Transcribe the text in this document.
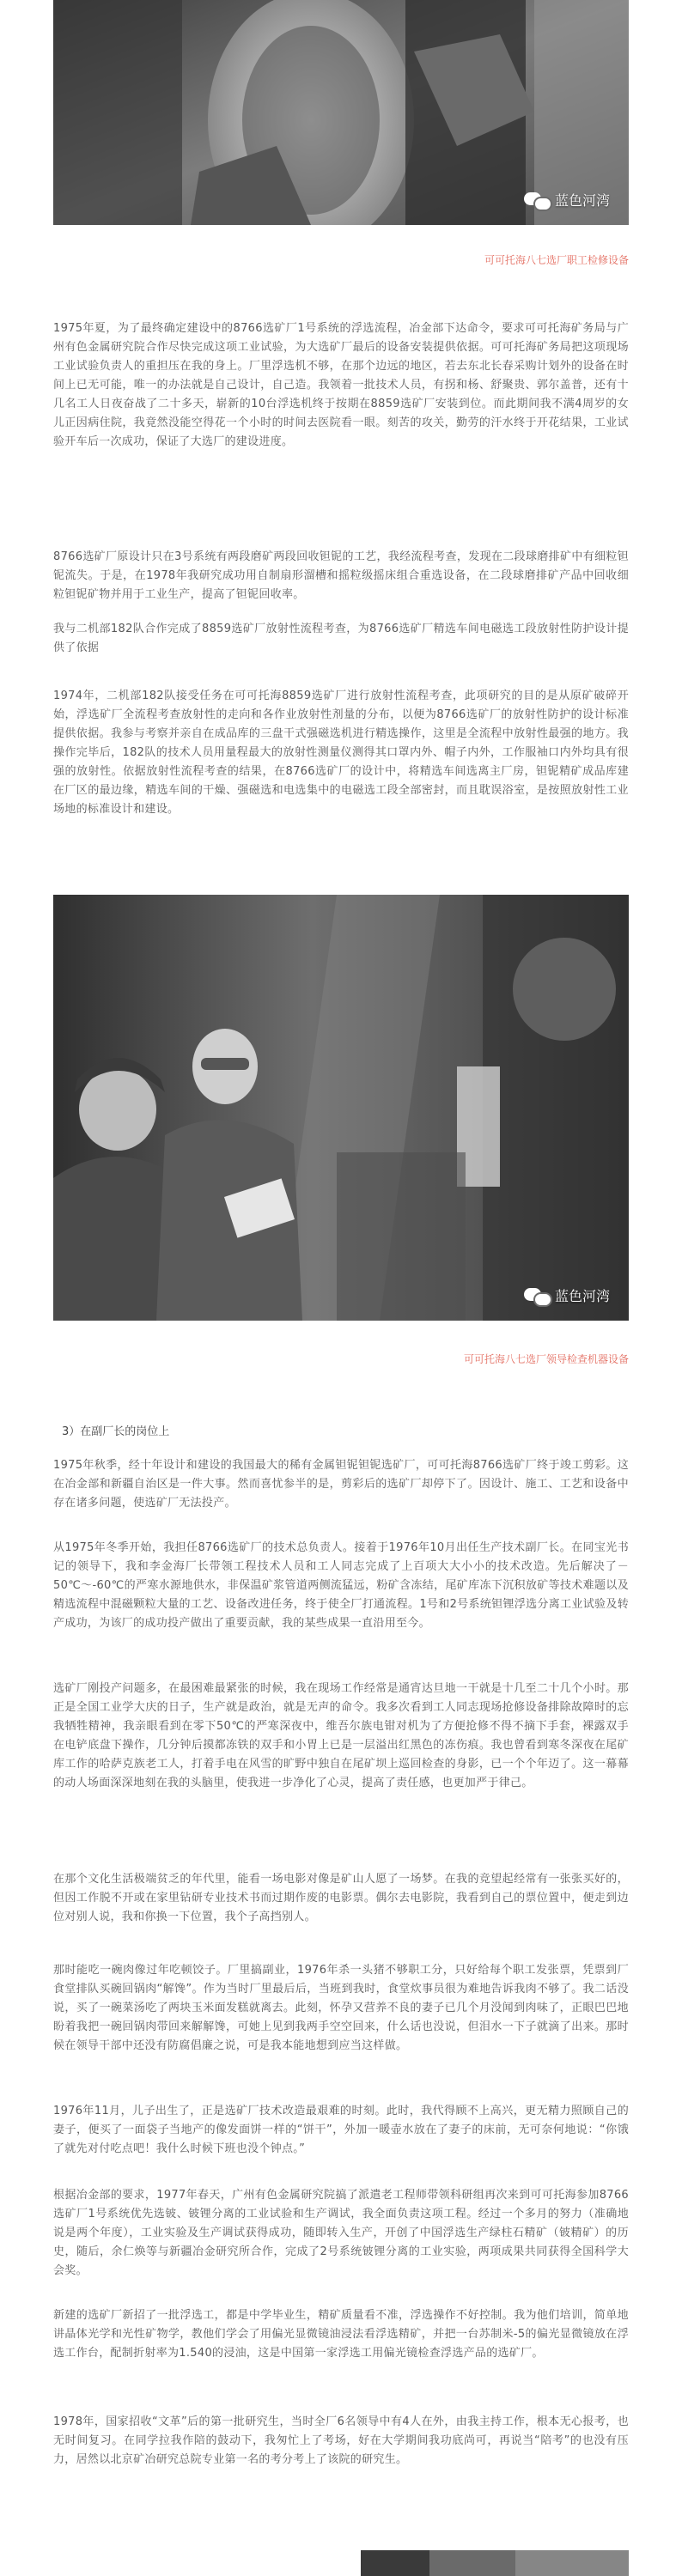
蓝色河湾
可可托海八七选厂职工检修设备

1975年夏，为了最终确定建设中的8766选矿厂1号系统的浮选流程，冶金部下达命令，要求可可托海矿务局与广州有色金属研究院合作尽快完成这项工业试验，为大选矿厂最后的设备安装提供依据。可可托海矿务局把这项现场工业试验负责人的重担压在我的身上。厂里浮选机不够，在那个边远的地区，若去东北长春采购计划外的设备在时间上已无可能，唯一的办法就是自己设计，自己造。我领着一批技术人员，有拐和杨、舒聚贵、郭尔盖普，还有十几名工人日夜奋战了二十多天，崭新的10台浮选机终于按期在8859选矿厂安装到位。而此期间我不满4周岁的女儿正因病住院，我竟然没能空得花一个小时的时间去医院看一眼。刻苦的攻关，勤劳的汗水终于开花结果，工业试验开车后一次成功，保证了大选厂的建设进度。

8766选矿厂原设计只在3号系统有两段磨矿两段回收钽铌的工艺，我经流程考查，发现在二段球磨排矿中有细粒钽铌流失。于是，在1978年我研究成功用自制扇形溜槽和摇粒级摇床组合重选设备，在二段球磨排矿产品中回收细粒钽铌矿物并用于工业生产，提高了钽铌回收率。

我与二机部182队合作完成了8859选矿厂放射性流程考查，为8766选矿厂精选车间电磁选工段放射性防护设计提供了依据

1974年，二机部182队接受任务在可可托海8859选矿厂进行放射性流程考查，此项研究的目的是从原矿破碎开始，浮选矿厂全流程考查放射性的走向和各作业放射性剂量的分布，以便为8766选矿厂的放射性防护的设计标准提供依据。我参与考察并亲自在成品库的三盘干式强磁选机进行精选操作，这里是全流程中放射性最强的地方。我操作完毕后，182队的技术人员用量程最大的放射性测量仪测得其口罩内外、帽子内外，工作服袖口内外均具有很强的放射性。依据放射性流程考查的结果，在8766选矿厂的设计中，将精选车间选离主厂房，钽铌精矿成品库建在厂区的最边缘，精选车间的干燥、强磁选和电选集中的电磁选工段全部密封，而且耽误浴室，是按照放射性工业场地的标准设计和建设。

蓝色河湾
可可托海八七选厂领导检查机器设备

3）在副厂长的岗位上

1975年秋季，经十年设计和建设的我国最大的稀有金属钽铌钽铌选矿厂，可可托海8766选矿厂终于竣工剪彩。这在冶金部和新疆自治区是一件大事。然而喜忧参半的是，剪彩后的选矿厂却停下了。因设计、施工、工艺和设备中存在诸多问题，使选矿厂无法投产。

从1975年冬季开始，我担任8766选矿厂的技术总负责人。接着于1976年10月出任生产技术副厂长。在同宝光书记的领导下，我和李金海厂长带领工程技术人员和工人同志完成了上百项大大小小的技术改造。先后解决了－50℃～-60℃的严寒水源地供水，非保温矿浆管道两侧流猛远，粉矿含冻结，尾矿库冻下沉积放矿等技术难题以及精选流程中混磁颗粒大量的工艺、设备改进任务，终于使全厂打通流程。1号和2号系统钽锂浮选分离工业试验及转产成功，为该厂的成功投产做出了重要贡献，我的某些成果一直沿用至今。

选矿厂刚投产问题多，在最困难最紧张的时候，我在现场工作经常是通宵达旦地一干就是十几至二十几个小时。那正是全国工业学大庆的日子，生产就是政治，就是无声的命令。我多次看到工人同志现场抢修设备排除故障时的忘我牺牲精神，我亲眼看到在零下50℃的严寒深夜中，维吾尔族电钳对机为了方便抢修不得不摘下手套，裸露双手在电铲底盘下操作，几分钟后摸都冻铁的双手和小胃上已是一层溢出红黑色的冻伤痕。我也曾看到寒冬深夜在尾矿库工作的哈萨克族老工人，打着手电在风雪的旷野中独自在尾矿坝上巡回检查的身影，已一个个年迈了。这一幕幕的动人场面深深地刻在我的头脑里，使我进一步净化了心灵，提高了责任感，也更加严于律己。

在那个文化生活极端贫乏的年代里，能看一场电影对像是矿山人愿了一场梦。在我的竞望起经常有一张张买好的，但因工作脱不开或在家里钻研专业技术书而过期作废的电影票。偶尔去电影院，我看到自己的票位置中，便走到边位对别人说，我和你换一下位置，我个子高挡别人。

那时能吃一碗肉像过年吃顿饺子。厂里搞副业，1976年杀一头猪不够职工分，只好给每个职工发张票，凭票到厂食堂排队买碗回锅肉“解馋”。作为当时厂里最后后，当班到我时，食堂炊事员很为难地告诉我肉不够了。我二话没说，买了一碗菜汤吃了两块玉米面发糕就离去。此刻，怀孕又营养不良的妻子已几个月没闻到肉味了，正眼巴巴地盼着我把一碗回锅肉带回来解解馋，可她上见到我两手空空回来，什么话也没说，但泪水一下子就滴了出来。那时候在领导干部中还没有防腐倡廉之说，可是我本能地想到应当这样做。

1976年11月，儿子出生了，正是选矿厂技术改造最艰难的时刻。此时，我代得顾不上高兴，更无精力照顾自己的妻子，便买了一面袋子当地产的像发面饼一样的“饼干”，外加一暖壶水放在了妻子的床前，无可奈何地说：“你饿了就先对付吃点吧！我什么时候下班也没个钟点。”

根据冶金部的要求，1977年春天，广州有色金属研究院搞了派遣老工程师带领科研组再次来到可可托海参加8766选矿厂1号系统优先选铍、铍锂分离的工业试验和生产调试，我全面负责这项工程。经过一个多月的努力（准确地说是两个年度），工业实验及生产调试获得成功，随即转入生产，开创了中国浮选生产绿柱石精矿（铍精矿）的历史，随后，余仁焕等与新疆冶金研究所合作，完成了2号系统铍锂分离的工业实验，两项成果共同获得全国科学大会奖。

新建的选矿厂新招了一批浮选工，都是中学毕业生，精矿质量看不准，浮选操作不好控制。我为他们培训，简单地讲晶体光学和光性矿物学，教他们学会了用偏光显微镜油浸法看浮选精矿，并把一台苏制米-5的偏光显微镜放在浮选工作台，配制折射率为1.540的浸油，这是中国第一家浮选工用偏光镜检查浮选产品的选矿厂。

1978年，国家招收“文革”后的第一批研究生，当时全厂6名领导中有4人在外，由我主持工作，根本无心报考，也无时间复习。在同学拉我作陪的鼓动下，我匆忙上了考场，好在大学期间我功底尚可，再说当“陪考”的也没有压力，居然以北京矿冶研究总院专业第一名的考分考上了该院的研究生。
